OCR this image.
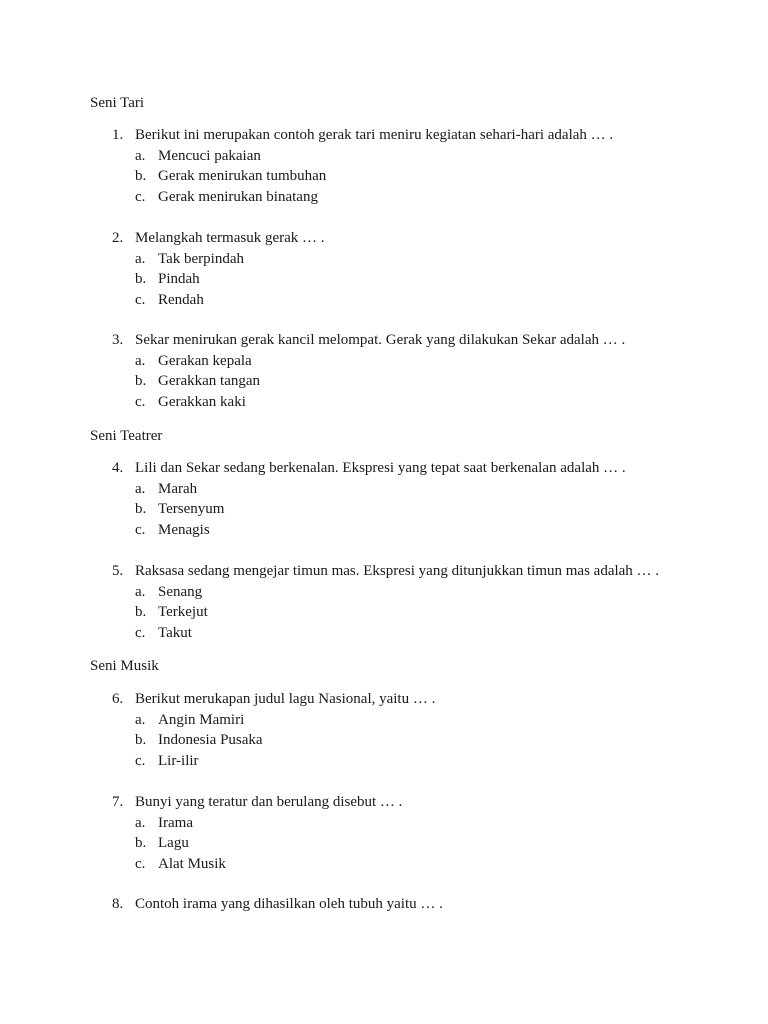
Seni Tari
1. Berikut ini merupakan contoh gerak tari meniru kegiatan sehari-hari adalah … .
a. Mencuci pakaian
b. Gerak menirukan tumbuhan
c. Gerak menirukan binatang
2. Melangkah termasuk gerak … .
a. Tak berpindah
b. Pindah
c. Rendah
3. Sekar menirukan gerak kancil melompat. Gerak yang dilakukan Sekar adalah … .
a. Gerakan kepala
b. Gerakkan tangan
c. Gerakkan kaki
Seni Teatrer
4. Lili dan Sekar sedang berkenalan. Ekspresi yang tepat saat berkenalan adalah … .
a. Marah
b. Tersenyum
c. Menagis
5. Raksasa sedang mengejar timun mas. Ekspresi yang ditunjukkan timun mas adalah … .
a. Senang
b. Terkejut
c. Takut
Seni Musik
6. Berikut merukapan judul lagu Nasional, yaitu … .
a. Angin Mamiri
b. Indonesia Pusaka
c. Lir-ilir
7. Bunyi yang teratur dan berulang disebut … .
a. Irama
b. Lagu
c. Alat Musik
8. Contoh irama yang dihasilkan oleh tubuh yaitu … .
